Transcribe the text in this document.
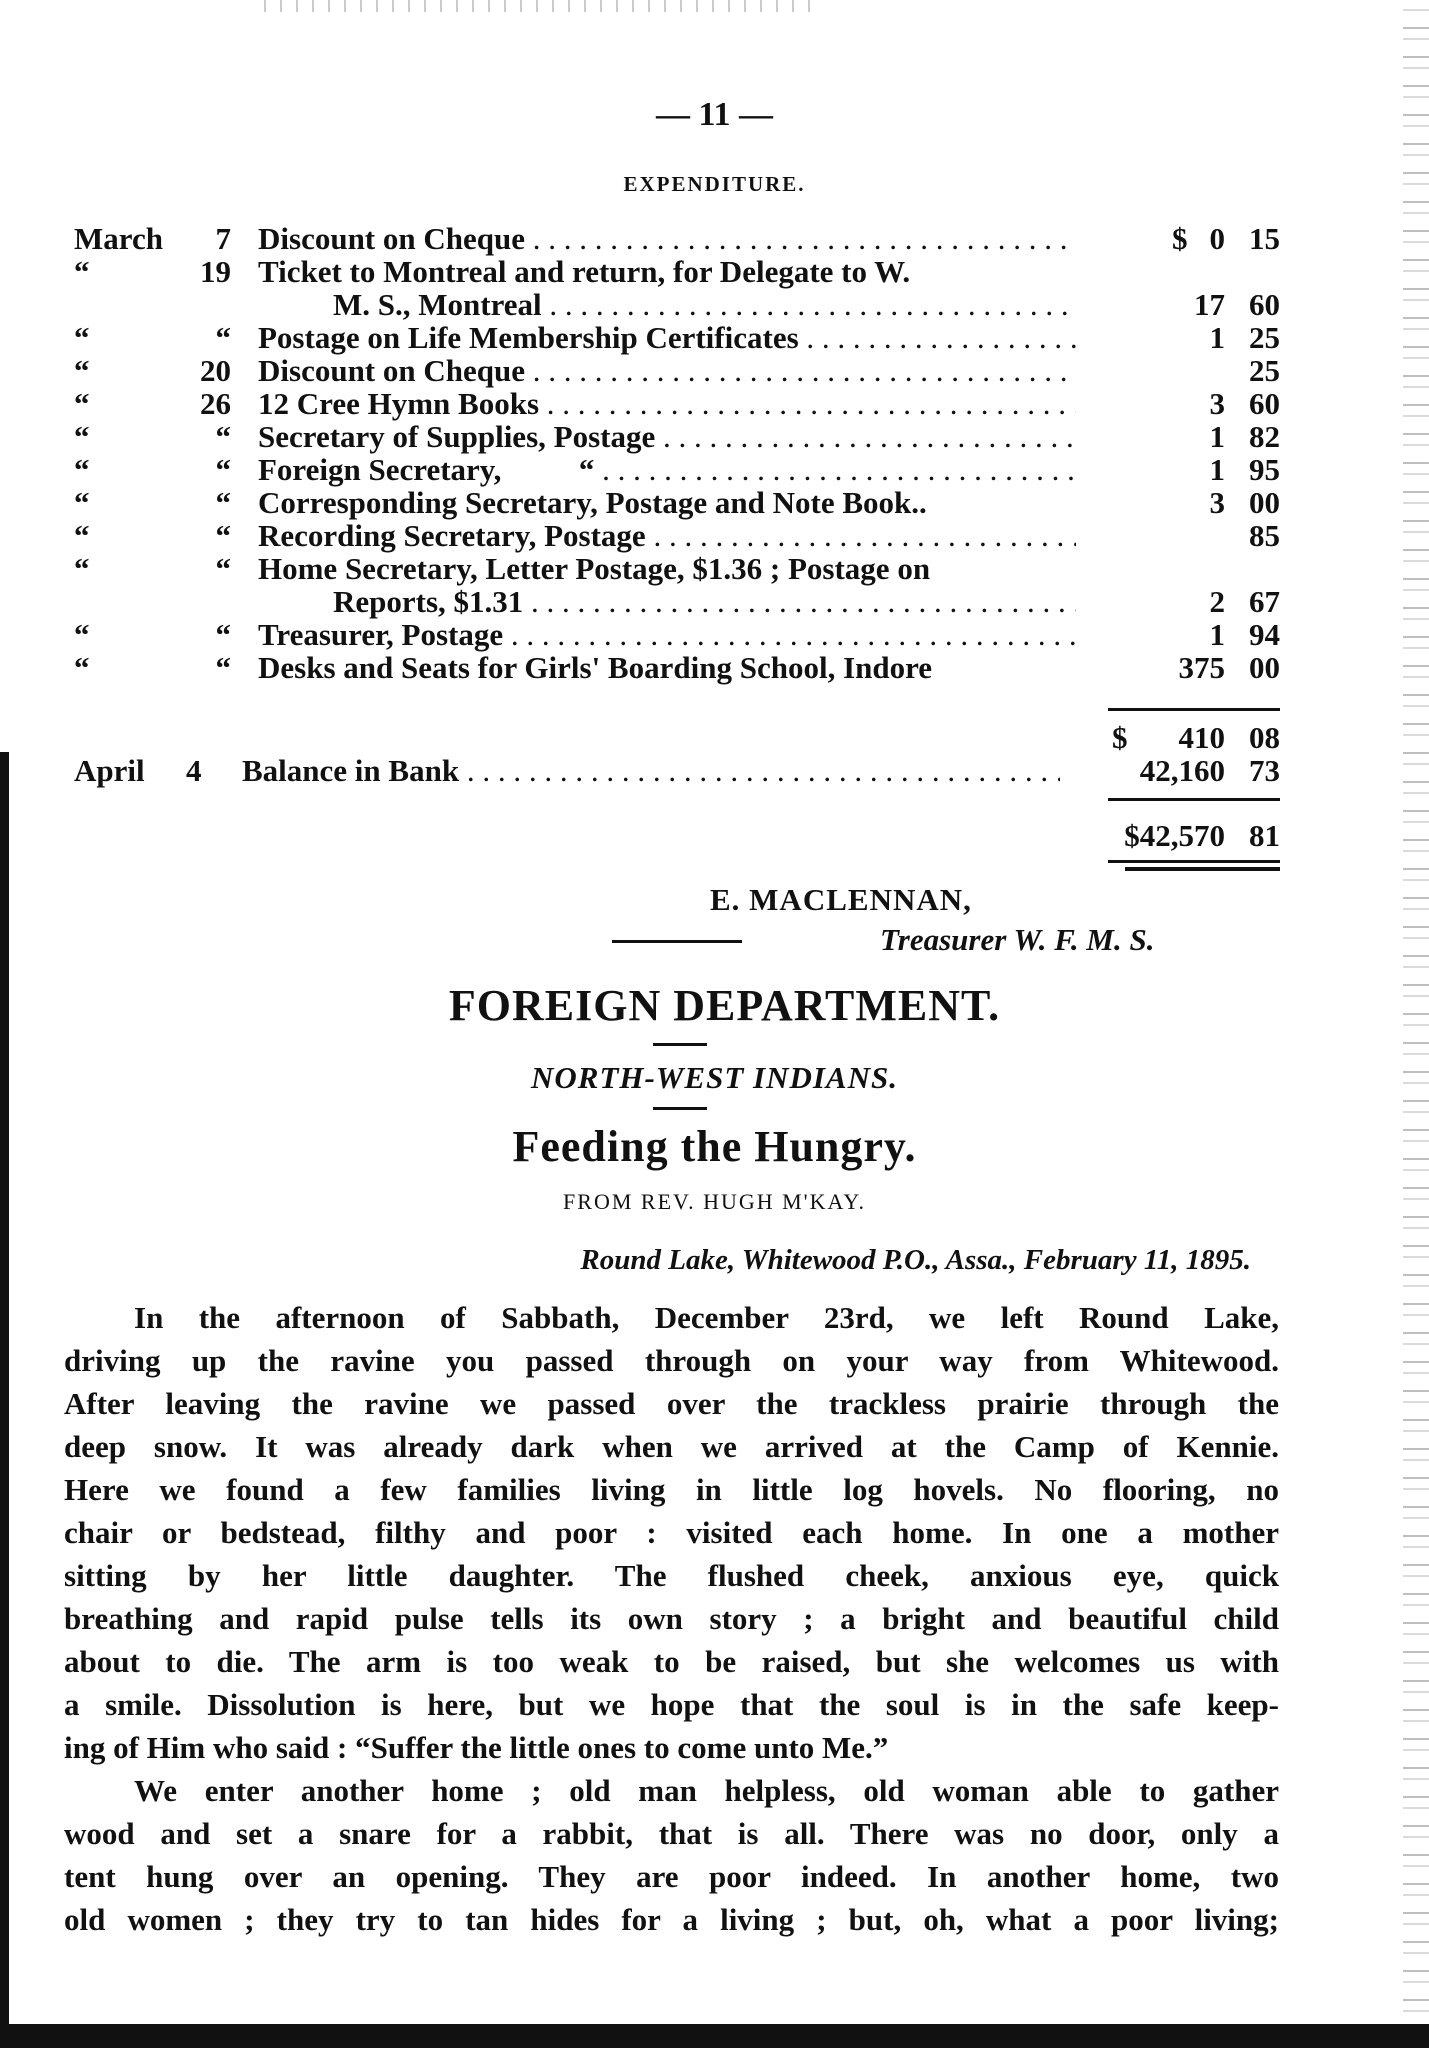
— 11 —
EXPENDITURE.
March	7 Discount on Cheque . . .	$ 0 15
“	19 Ticket to Montreal and return, for Delegate to W.
M. S., Montreal . . .	17 60
“	“ Postage on Life Membership Certificates . . .	1 25
“	20 Discount on Cheque . . .	25
“	26 12 Cree Hymn Books . . .	3 60
“	“ Secretary of Supplies, Postage . . .	1 82
“	“ Foreign Secretary,          “ . . .	1 95
“	“ Corresponding Secretary, Postage and Note Book..	3 00
“	“ Recording Secretary, Postage . . .	85
“	“ Home Secretary, Letter Postage, $1.36 ; Postage on
Reports, $1.31 . . .	2 67
“	“ Treasurer, Postage . . .	1 94
“	“ Desks and Seats for Girls' Boarding School, Indore	375 00
$	410 08
April 4 Balance in Bank . . .	42,160 73
$42,570 81
E. MACLENNAN,
Treasurer W. F. M. S.
FOREIGN DEPARTMENT.
NORTH-WEST INDIANS.
Feeding the Hungry.
FROM REV. HUGH M'KAY.
Round Lake, Whitewood P.O., Assa., February 11, 1895.
In the afternoon of Sabbath, December 23rd, we left Round Lake,
driving up the ravine you passed through on your way from Whitewood.
After leaving the ravine we passed over the trackless prairie through the
deep snow. It was already dark when we arrived at the Camp of Kennie.
Here we found a few families living in little log hovels. No flooring, no
chair or bedstead, filthy and poor : visited each home. In one a mother
sitting by her little daughter. The flushed cheek, anxious eye, quick
breathing and rapid pulse tells its own story ; a bright and beautiful child
about to die. The arm is too weak to be raised, but she welcomes us with
a smile. Dissolution is here, but we hope that the soul is in the safe keep-
ing of Him who said : “Suffer the little ones to come unto Me.”
We enter another home ; old man helpless, old woman able to gather
wood and set a snare for a rabbit, that is all. There was no door, only a
tent hung over an opening. They are poor indeed. In another home, two
old women ; they try to tan hides for a living ; but, oh, what a poor living;
